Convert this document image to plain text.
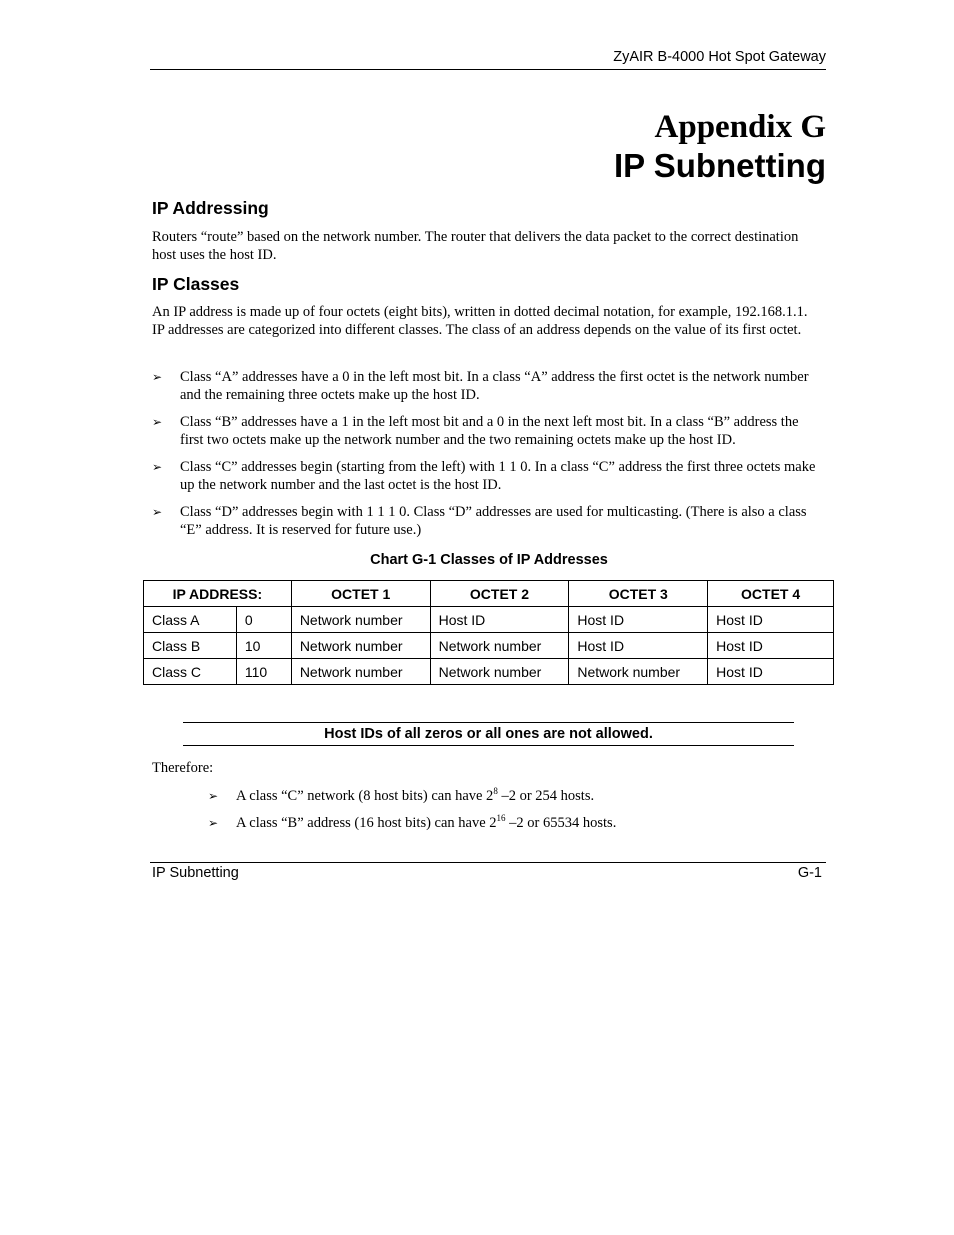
ZyAIR B-4000 Hot Spot Gateway
Appendix G
IP Subnetting
IP Addressing
Routers “route” based on the network number. The router that delivers the data packet to the correct destination host uses the host ID.
IP Classes
An IP address is made up of four octets (eight bits), written in dotted decimal notation, for example, 192.168.1.1. IP addresses are categorized into different classes. The class of an address depends on the value of its first octet.
➢ Class “A” addresses have a 0 in the left most bit. In a class “A” address the first octet is the network number and the remaining three octets make up the host ID.
➢ Class “B” addresses have a 1 in the left most bit and a 0 in the next left most bit. In a class “B” address the first two octets make up the network number and the two remaining octets make up the host ID.
➢ Class “C” addresses begin (starting from the left) with 1 1 0. In a class “C” address the first three octets make up the network number and the last octet is the host ID.
➢ Class “D” addresses begin with 1 1 1 0. Class “D” addresses are used for multicasting. (There is also a class “E” address. It is reserved for future use.)
Chart G-1 Classes of IP Addresses
IP ADDRESS:		OCTET 1	OCTET 2	OCTET 3	OCTET 4
Class A	0	Network number	Host ID	Host ID	Host ID
Class B	10	Network number	Network number	Host ID	Host ID
Class C	110	Network number	Network number	Network number	Host ID
Host IDs of all zeros or all ones are not allowed.
Therefore:
➢ A class “C” network (8 host bits) can have $2^8$ –2 or 254 hosts.
➢ A class “B” address (16 host bits) can have $2^{16}$ –2 or 65534 hosts.
IP Subnetting	G-1
